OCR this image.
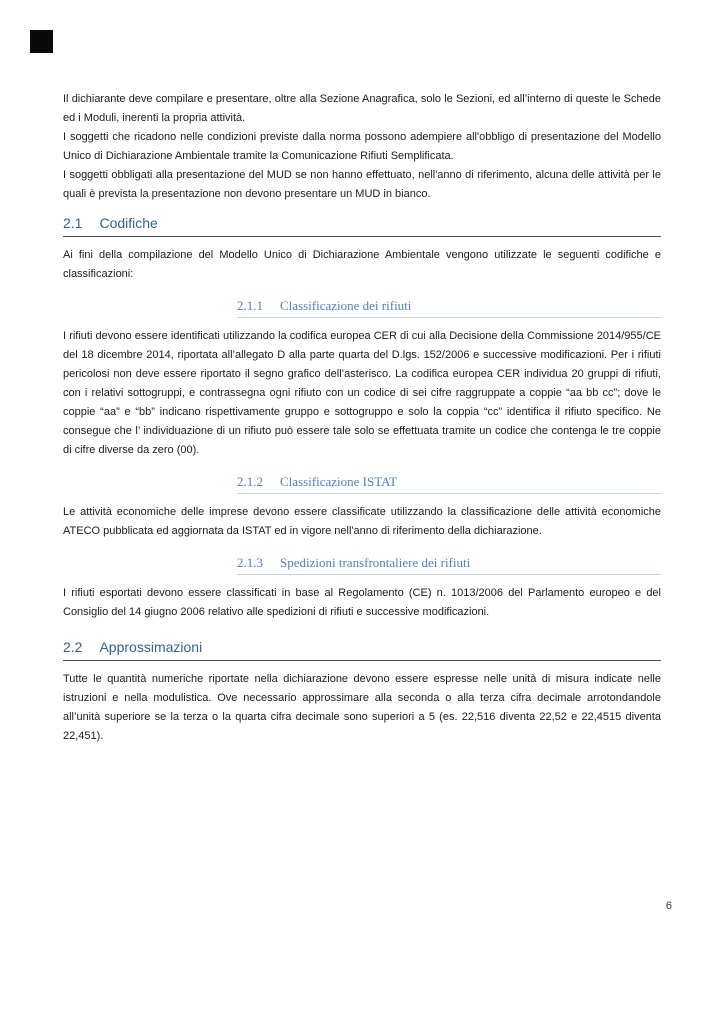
Il dichiarante deve compilare e presentare, oltre alla Sezione Anagrafica, solo le Sezioni, ed all’interno di queste le Schede ed i Moduli, inerenti la propria attività.

I soggetti che ricadono nelle condizioni previste dalla norma possono adempiere all'obbligo di presentazione del Modello Unico di Dichiarazione Ambientale tramite la Comunicazione Rifiuti Semplificata.

I soggetti obbligati alla presentazione del MUD se non hanno effettuato, nell'anno di riferimento, alcuna delle attività per le quali è prevista la presentazione non devono presentare un MUD in bianco.

2.1 Codifiche

Ai fini della compilazione del Modello Unico di Dichiarazione Ambientale vengono utilizzate le seguenti codifiche e classificazioni:

2.1.1 Classificazione dei rifiuti

I rifiuti devono essere identificati utilizzando la codifica europea CER di cui alla Decisione della Commissione 2014/955/CE del 18 dicembre 2014, riportata all’allegato D alla parte quarta del D.lgs. 152/2006 e successive modificazioni. Per i rifiuti pericolosi non deve essere riportato il segno grafico dell’asterisco. La codifica europea CER individua 20 gruppi di rifiuti, con i relativi sottogruppi, e contrassegna ogni rifiuto con un codice di sei cifre raggruppate a coppie “aa bb cc”; dove le coppie “aa” e “bb” indicano rispettivamente gruppo e sottogruppo e solo la coppia “cc” identifica il rifiuto specifico. Ne consegue che l’ individuazione di un rifiuto può essere tale solo se effettuata tramite un codice che contenga le tre coppie di cifre diverse da zero (00).

2.1.2 Classificazione ISTAT

Le attività economiche delle imprese devono essere classificate utilizzando la classificazione delle attività economiche ATECO pubblicata ed aggiornata da ISTAT ed in vigore nell'anno di riferimento della dichiarazione.

2.1.3 Spedizioni transfrontaliere dei rifiuti

I rifiuti esportati devono essere classificati in base al Regolamento (CE) n. 1013/2006 del Parlamento europeo e del Consiglio del 14 giugno 2006 relativo alle spedizioni di rifiuti e successive modificazioni.

2.2 Approssimazioni

Tutte le quantità numeriche riportate nella dichiarazione devono essere espresse nelle unità di misura indicate nelle istruzioni e nella modulistica. Ove necessario approssimare alla seconda o alla terza cifra decimale arrotondandole all’unità superiore se la terza o la quarta cifra decimale sono superiori a 5 (es. 22,516 diventa 22,52 e 22,4515 diventa 22,451).

6
